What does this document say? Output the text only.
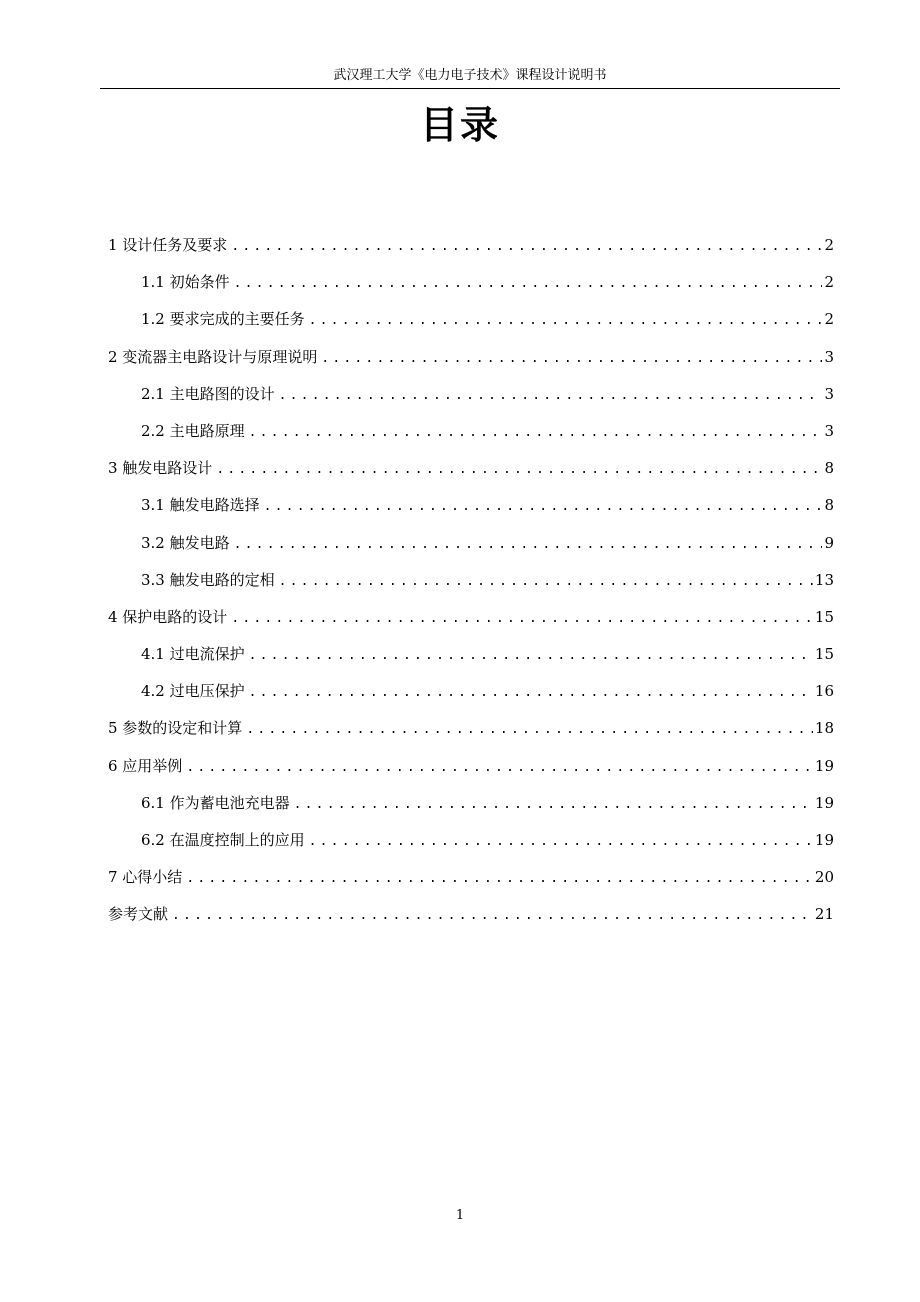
武汉理工大学《电力电子技术》课程设计说明书
目录
1 设计任务及要求 .....	2
1.1 初始条件 .....	2
1.2 要求完成的主要任务 .....	2
2 变流器主电路设计与原理说明 .....	3
2.1 主电路图的设计 .....	3
2.2 主电路原理 .....	3
3 触发电路设计 .....	8
3.1 触发电路选择 .....	8
3.2 触发电路 .....	9
3.3 触发电路的定相 .....	13
4 保护电路的设计 .....	15
4.1 过电流保护 .....	15
4.2 过电压保护 .....	16
5 参数的设定和计算 .....	18
6 应用举例 .....	19
6.1 作为蓄电池充电器 .....	19
6.2 在温度控制上的应用 .....	19
7 心得小结 .....	20
参考文献 .....	21
1
